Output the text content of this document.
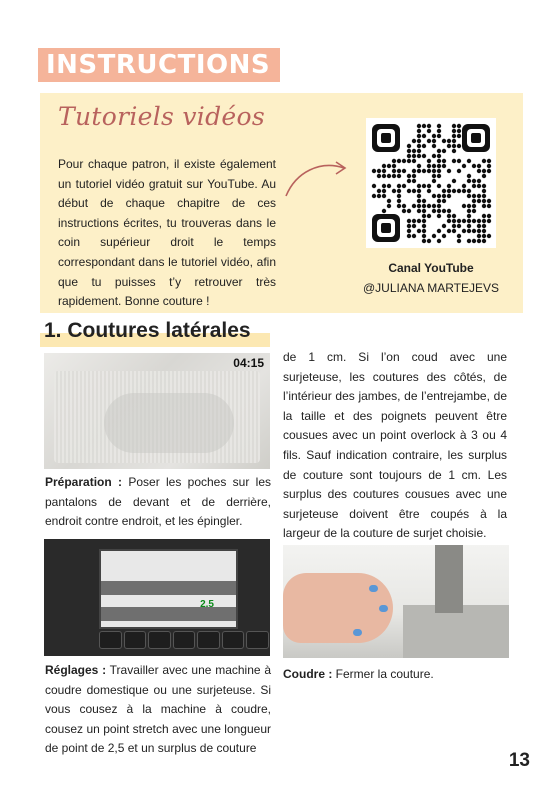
INSTRUCTIONS
Tutoriels vidéos
Pour chaque patron, il existe également un tutoriel vidéo gratuit sur YouTube. Au début de chaque chapitre de ces instructions écrites, tu trouveras dans le coin supérieur droit le temps correspondant dans le tutoriel vidéo, afin que tu puisses t’y retrouver très rapidement. Bonne couture !
Canal YouTube
@JULIANA MARTEJEVS
1. Coutures latérales
04:15
Préparation : Poser les poches sur les pantalons de devant et de derrière, endroit contre endroit, et les épingler.
2.5
Réglages : Travailler avec une machine à coudre domestique ou une surjeteuse. Si vous cousez à la machine à coudre, cousez un point stretch avec une longueur de point de 2,5 et un surplus de couture
de 1 cm. Si l’on coud avec une surjeteuse, les coutures des côtés, de l’intérieur des jambes, de l’entrejambe, de la taille et des poignets peuvent être cousues avec un point overlock à 3 ou 4 fils. Sauf indication contraire, les surplus de couture sont toujours de 1 cm. Les surplus des coutures cousues avec une surjeteuse doivent être coupés à la largeur de la couture de surjet choisie.
Coudre : Fermer la couture.
13
